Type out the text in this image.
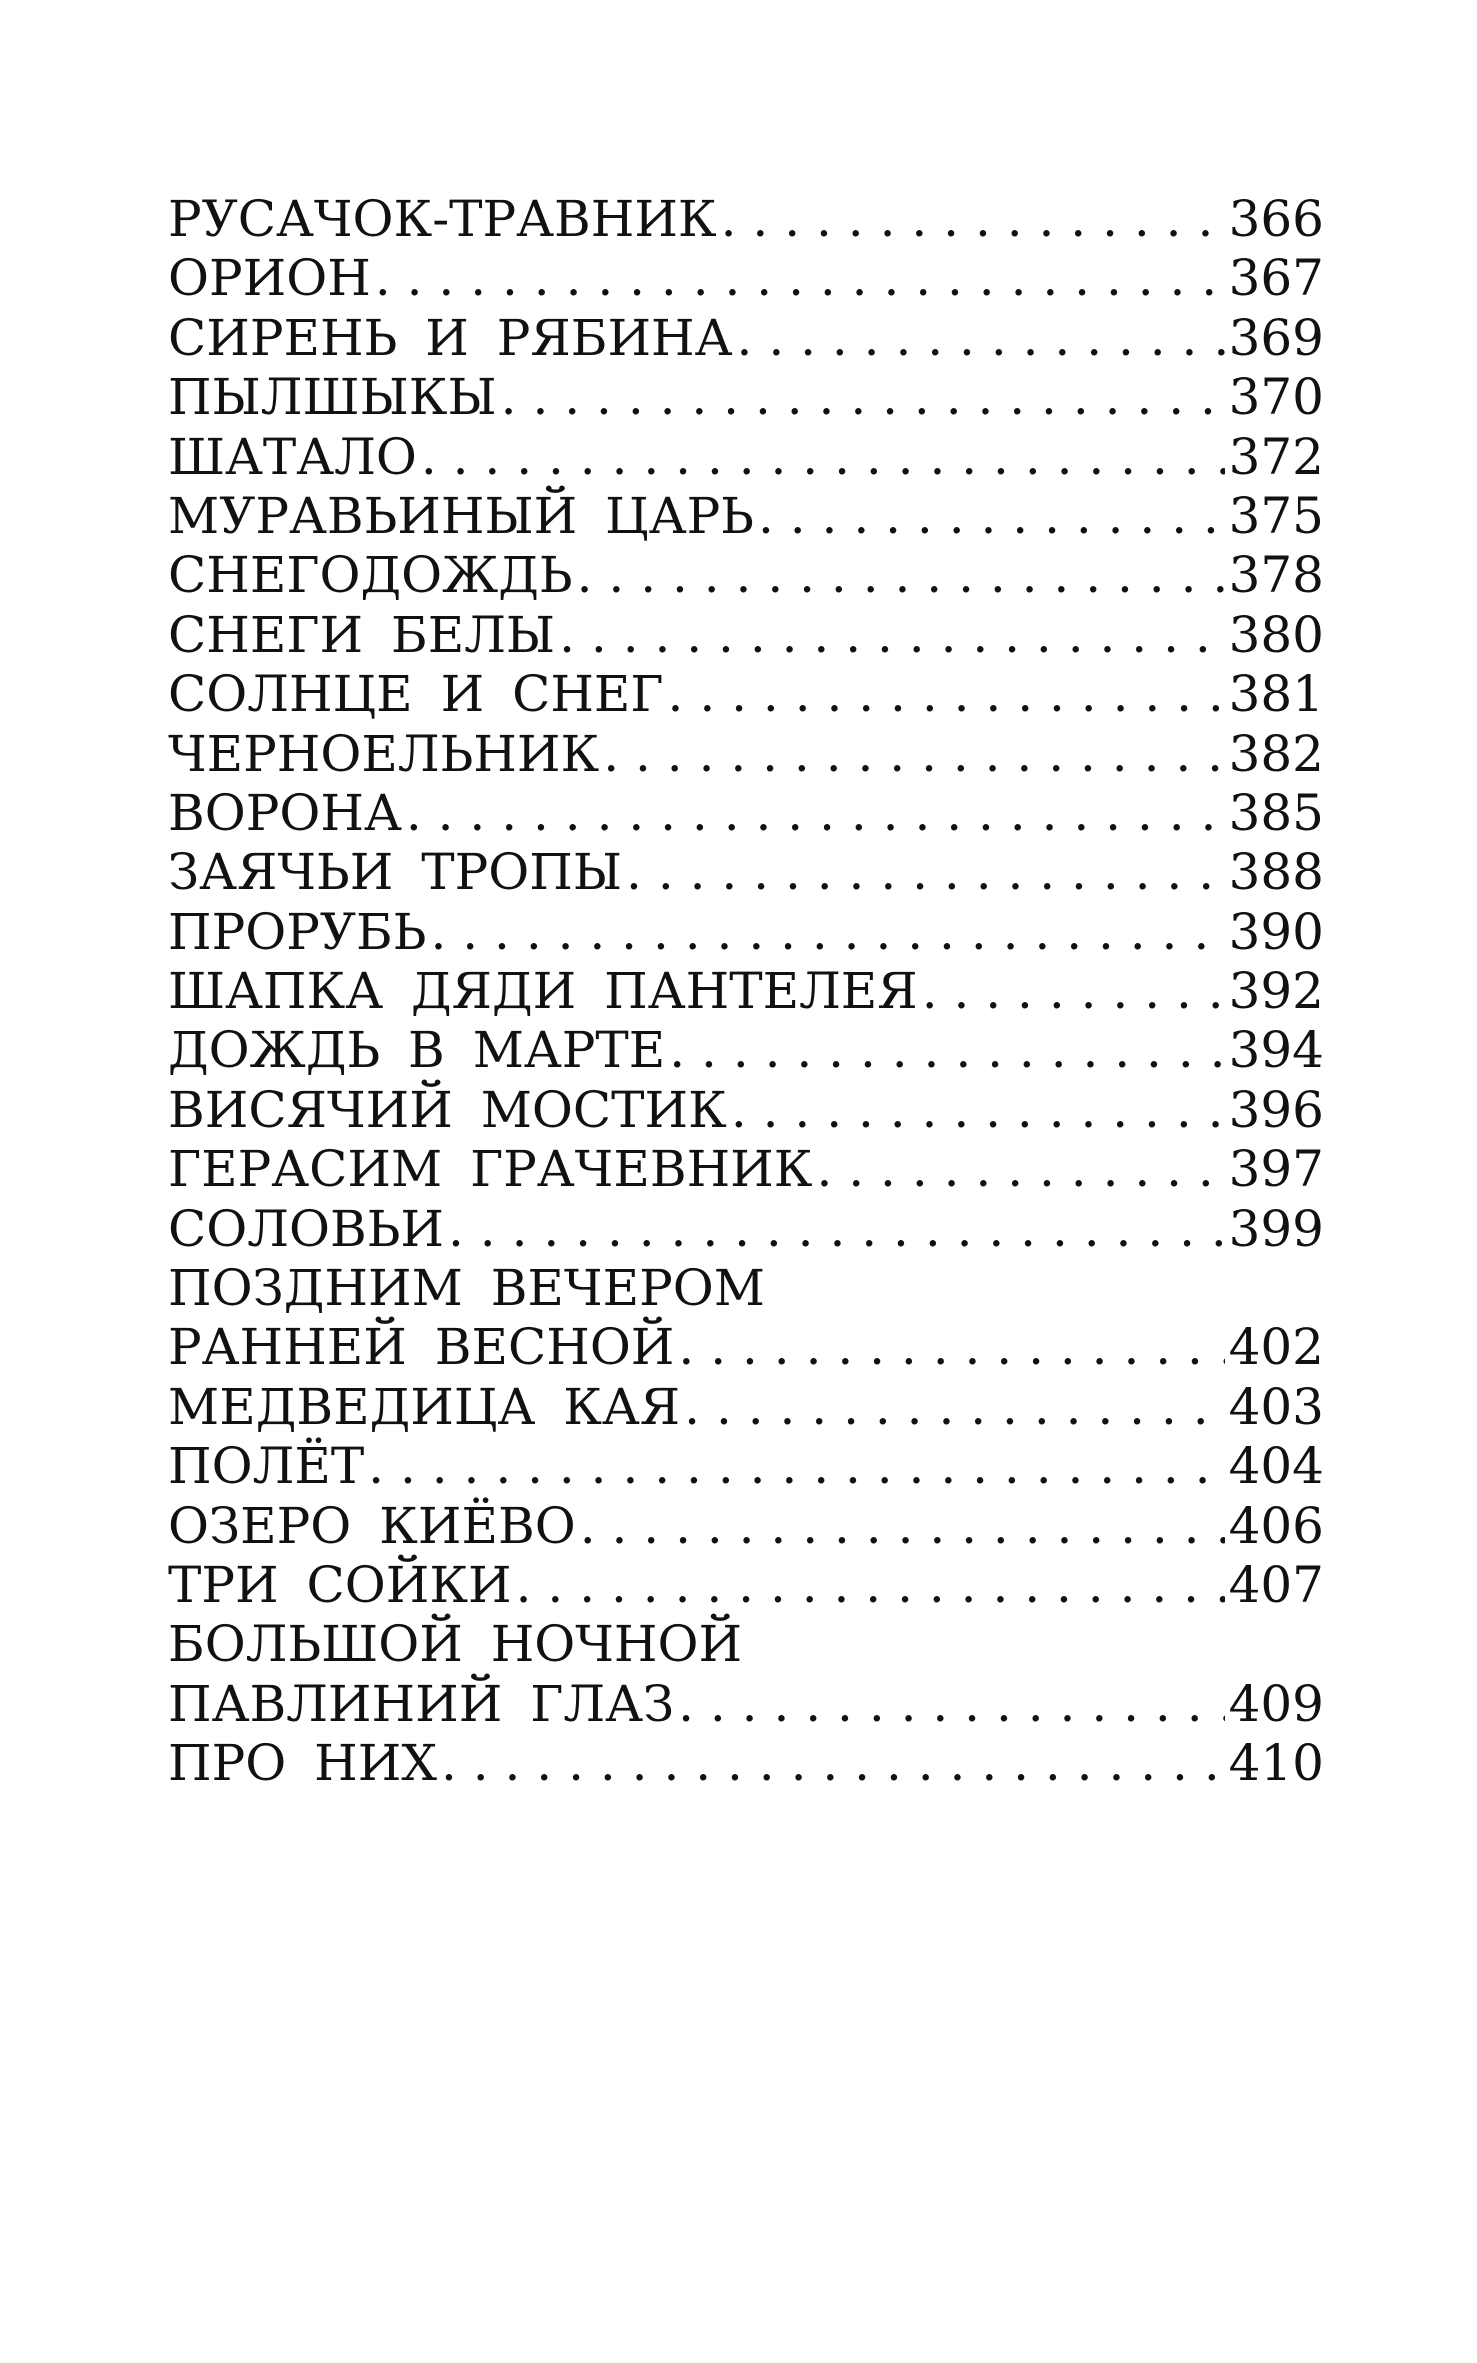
РУСАЧОК-ТРАВНИК . . .	366
ОРИОН . . .	367
СИРЕНЬ И РЯБИНА . . .	369
ПЫЛШЫКЫ . . .	370
ШАТАЛО . . .	372
МУРАВЬИНЫЙ ЦАРЬ . . .	375
СНЕГОДОЖДЬ . . .	378
СНЕГИ БЕЛЫ . . .	380
СОЛНЦЕ И СНЕГ . . .	381
ЧЕРНОЕЛЬНИК . . .	382
ВОРОНА . . .	385
ЗАЯЧЬИ ТРОПЫ . . .	388
ПРОРУБЬ . . .	390
ШАПКА ДЯДИ ПАНТЕЛЕЯ . . .	392
ДОЖДЬ В МАРТЕ . . .	394
ВИСЯЧИЙ МОСТИК . . .	396
ГЕРАСИМ ГРАЧЕВНИК . . .	397
СОЛОВЬИ . . .	399
ПОЗДНИМ ВЕЧЕРОМ
РАННЕЙ ВЕСНОЙ . . .	402
МЕДВЕДИЦА КАЯ . . .	403
ПОЛЁТ . . .	404
ОЗЕРО КИЁВО . . .	406
ТРИ СОЙКИ . . .	407
БОЛЬШОЙ НОЧНОЙ
ПАВЛИНИЙ ГЛАЗ . . .	409
ПРО НИХ . . .	410
